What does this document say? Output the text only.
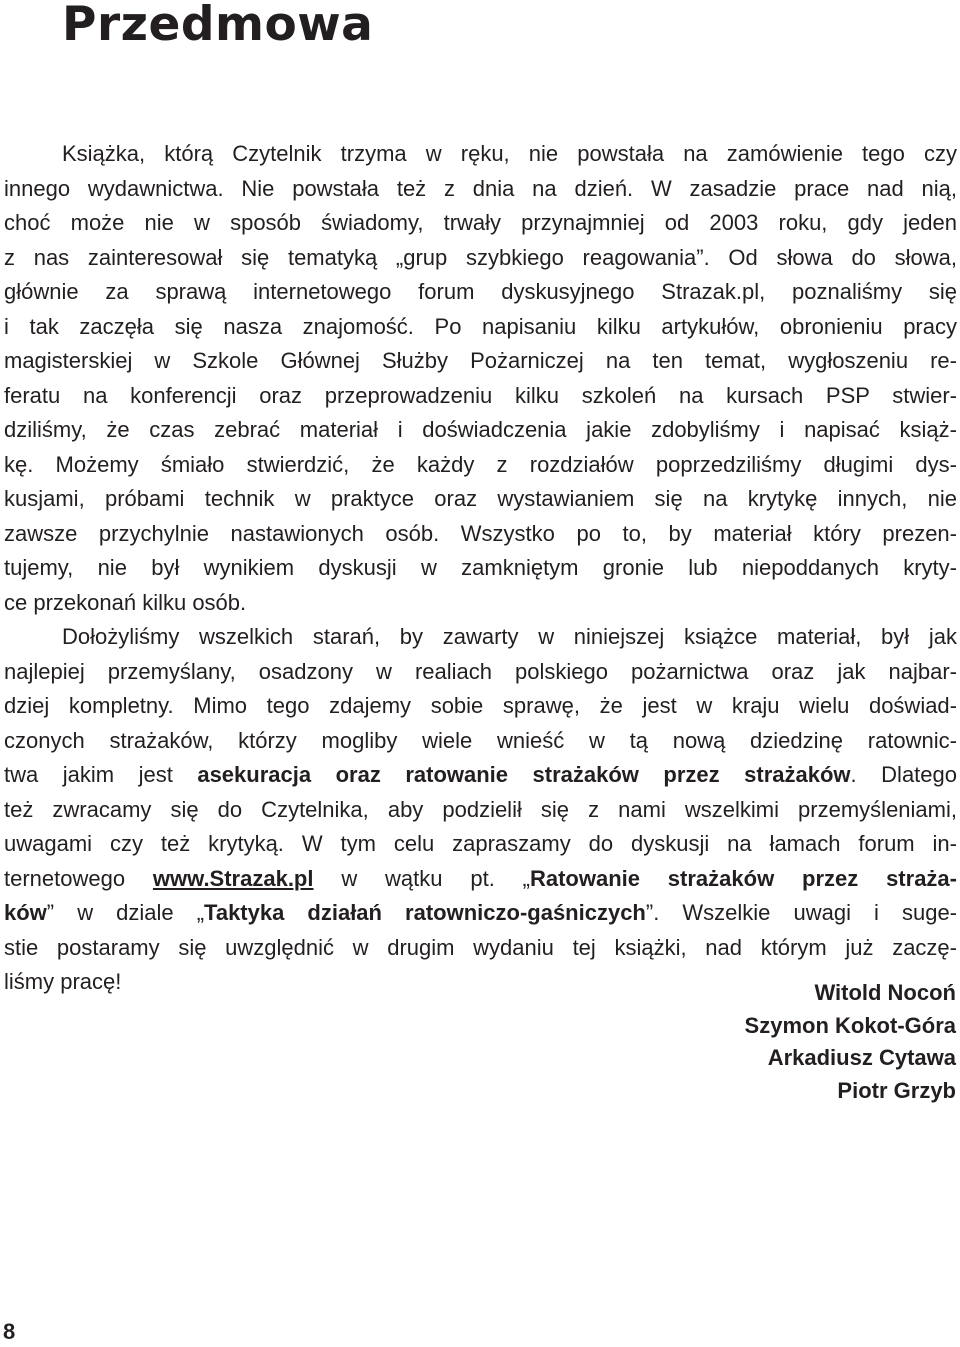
Przedmowa
Książka, którą Czytelnik trzyma w ręku, nie powstała na zamówienie tego czy
innego wydawnictwa. Nie powstała też z dnia na dzień. W zasadzie prace nad nią,
choć może nie w sposób świadomy, trwały przynajmniej od 2003 roku, gdy jeden
z nas zainteresował się tematyką „grup szybkiego reagowania”. Od słowa do słowa,
głównie za sprawą internetowego forum dyskusyjnego Strazak.pl, poznaliśmy się
i tak zaczęła się nasza znajomość. Po napisaniu kilku artykułów, obronieniu pracy
magisterskiej w Szkole Głównej Służby Pożarniczej na ten temat, wygłoszeniu re-
feratu na konferencji oraz przeprowadzeniu kilku szkoleń na kursach PSP stwier-
dziliśmy, że czas zebrać materiał i doświadczenia jakie zdobyliśmy i napisać książ-
kę. Możemy śmiało stwierdzić, że każdy z rozdziałów poprzedziliśmy długimi dys-
kusjami, próbami technik w praktyce oraz wystawianiem się na krytykę innych, nie
zawsze przychylnie nastawionych osób. Wszystko po to, by materiał który prezen-
tujemy, nie był wynikiem dyskusji w zamkniętym gronie lub niepoddanych kryty-
ce przekonań kilku osób.
Dołożyliśmy wszelkich starań, by zawarty w niniejszej książce materiał, był jak
najlepiej przemyślany, osadzony w realiach polskiego pożarnictwa oraz jak najbar-
dziej kompletny. Mimo tego zdajemy sobie sprawę, że jest w kraju wielu doświad-
czonych strażaków, którzy mogliby wiele wnieść w tą nową dziedzinę ratownic-
twa jakim jest asekuracja oraz ratowanie strażaków przez strażaków. Dlatego
też zwracamy się do Czytelnika, aby podzielił się z nami wszelkimi przemyśleniami,
uwagami czy też krytyką. W tym celu zapraszamy do dyskusji na łamach forum in-
ternetowego www.Strazak.pl w wątku pt. „Ratowanie strażaków przez straża-
ków” w dziale „Taktyka działań ratowniczo-gaśniczych”. Wszelkie uwagi i suge-
stie postaramy się uwzględnić w drugim wydaniu tej książki, nad którym już zaczę-
liśmy pracę!	Witold Nocoń
Szymon Kokot-Góra
Arkadiusz Cytawa
Piotr Grzyb
8
